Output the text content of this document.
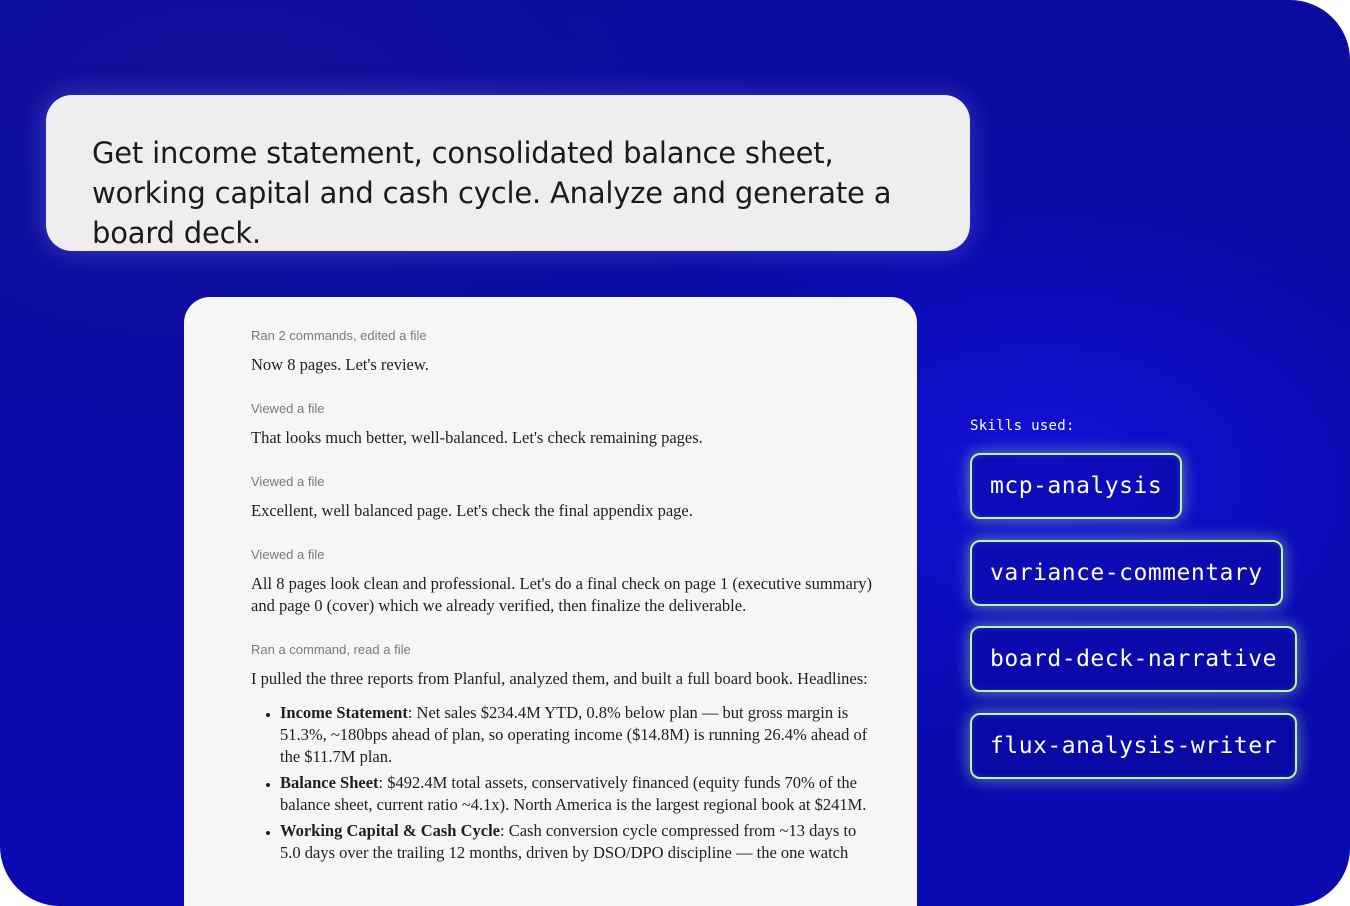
Get income statement, consolidated balance sheet, working capital and cash cycle. Analyze and generate a board deck.

Ran 2 commands, edited a file

Now 8 pages. Let's review.

Viewed a file

That looks much better, well-balanced. Let's check remaining pages.

Viewed a file

Excellent, well balanced page. Let's check the final appendix page.

Viewed a file

All 8 pages look clean and professional. Let's do a final check on page 1 (executive summary) and page 0 (cover) which we already verified, then finalize the deliverable.

Ran a command, read a file

I pulled the three reports from Planful, analyzed them, and built a full board book. Headlines:

• Income Statement: Net sales $234.4M YTD, 0.8% below plan — but gross margin is 51.3%, ~180bps ahead of plan, so operating income ($14.8M) is running 26.4% ahead of the $11.7M plan.
• Balance Sheet: $492.4M total assets, conservatively financed (equity funds 70% of the balance sheet, current ratio ~4.1x). North America is the largest regional book at $241M.
• Working Capital & Cash Cycle: Cash conversion cycle compressed from ~13 days to 5.0 days over the trailing 12 months, driven by DSO/DPO discipline — the one watch
Skills used:
mcp-analysis
variance-commentary
board-deck-narrative
flux-analysis-writer
